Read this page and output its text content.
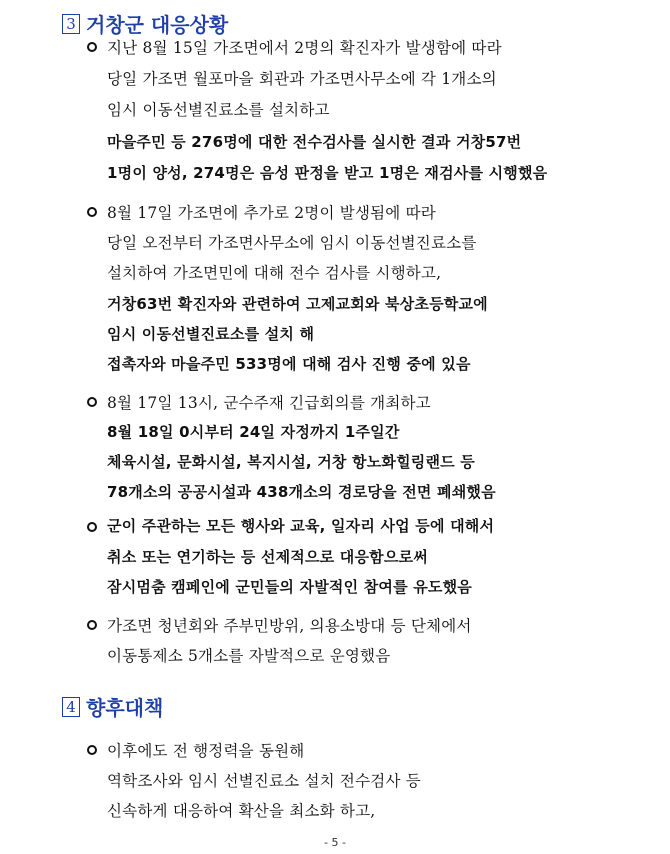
3 거창군 대응상황
지난 8월 15일 가조면에서 2명의 확진자가 발생함에 따라
당일 가조면 월포마을 회관과 가조면사무소에 각 1개소의
임시 이동선별진료소를 설치하고
마을주민 등 276명에 대한 전수검사를 실시한 결과 거창57번
1명이 양성, 274명은 음성 판정을 받고 1명은 재검사를 시행했음
8월 17일 가조면에 추가로 2명이 발생됨에 따라
당일 오전부터 가조면사무소에 임시 이동선별진료소를
설치하여 가조면민에 대해 전수 검사를 시행하고,
거창63번 확진자와 관련하여 고제교회와 북상초등학교에
임시 이동선별진료소를 설치 해
접촉자와 마을주민 533명에 대해 검사 진행 중에 있음
8월 17일 13시, 군수주재 긴급회의를 개최하고
8월 18일 0시부터 24일 자정까지 1주일간
체육시설, 문화시설, 복지시설, 거창 항노화힐링랜드 등
78개소의 공공시설과 438개소의 경로당을 전면 폐쇄했음
군이 주관하는 모든 행사와 교육, 일자리 사업 등에 대해서
취소 또는 연기하는 등 선제적으로 대응함으로써
잠시멈춤 캠페인에 군민들의 자발적인 참여를 유도했음
가조면 청년회와 주부민방위, 의용소방대 등 단체에서
이동통제소 5개소를 자발적으로 운영했음
4 향후대책
이후에도 전 행정력을 동원해
역학조사와 임시 선별진료소 설치 전수검사 등
신속하게 대응하여 확산을 최소화 하고,
- 5 -
